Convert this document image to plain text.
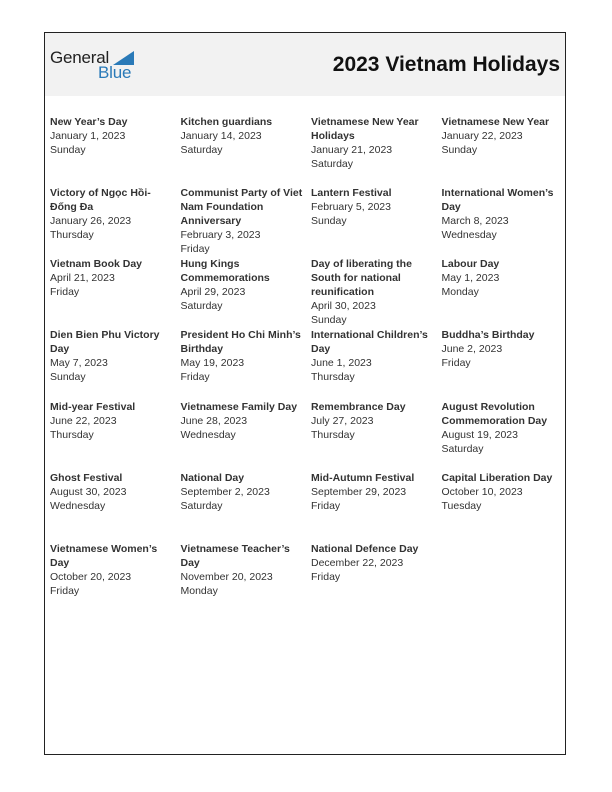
General
Blue	2023 Vietnam Holidays
New Year’s Day
January 1, 2023
Sunday
Kitchen guardians
January 14, 2023
Saturday
Vietnamese New Year Holidays
January 21, 2023
Saturday
Vietnamese New Year
January 22, 2023
Sunday
Victory of Ngọc Hồi-Đống Đa
January 26, 2023
Thursday
Communist Party of Viet Nam Foundation Anniversary
February 3, 2023
Friday
Lantern Festival
February 5, 2023
Sunday
International Women’s Day
March 8, 2023
Wednesday
Vietnam Book Day
April 21, 2023
Friday
Hung Kings Commemorations
April 29, 2023
Saturday
Day of liberating the South for national reunification
April 30, 2023
Sunday
Labour Day
May 1, 2023
Monday
Dien Bien Phu Victory Day
May 7, 2023
Sunday
President Ho Chi Minh’s Birthday
May 19, 2023
Friday
International Children’s Day
June 1, 2023
Thursday
Buddha’s Birthday
June 2, 2023
Friday
Mid-year Festival
June 22, 2023
Thursday
Vietnamese Family Day
June 28, 2023
Wednesday
Remembrance Day
July 27, 2023
Thursday
August Revolution Commemoration Day
August 19, 2023
Saturday
Ghost Festival
August 30, 2023
Wednesday
National Day
September 2, 2023
Saturday
Mid-Autumn Festival
September 29, 2023
Friday
Capital Liberation Day
October 10, 2023
Tuesday
Vietnamese Women’s Day
October 20, 2023
Friday
Vietnamese Teacher’s Day
November 20, 2023
Monday
National Defence Day
December 22, 2023
Friday
